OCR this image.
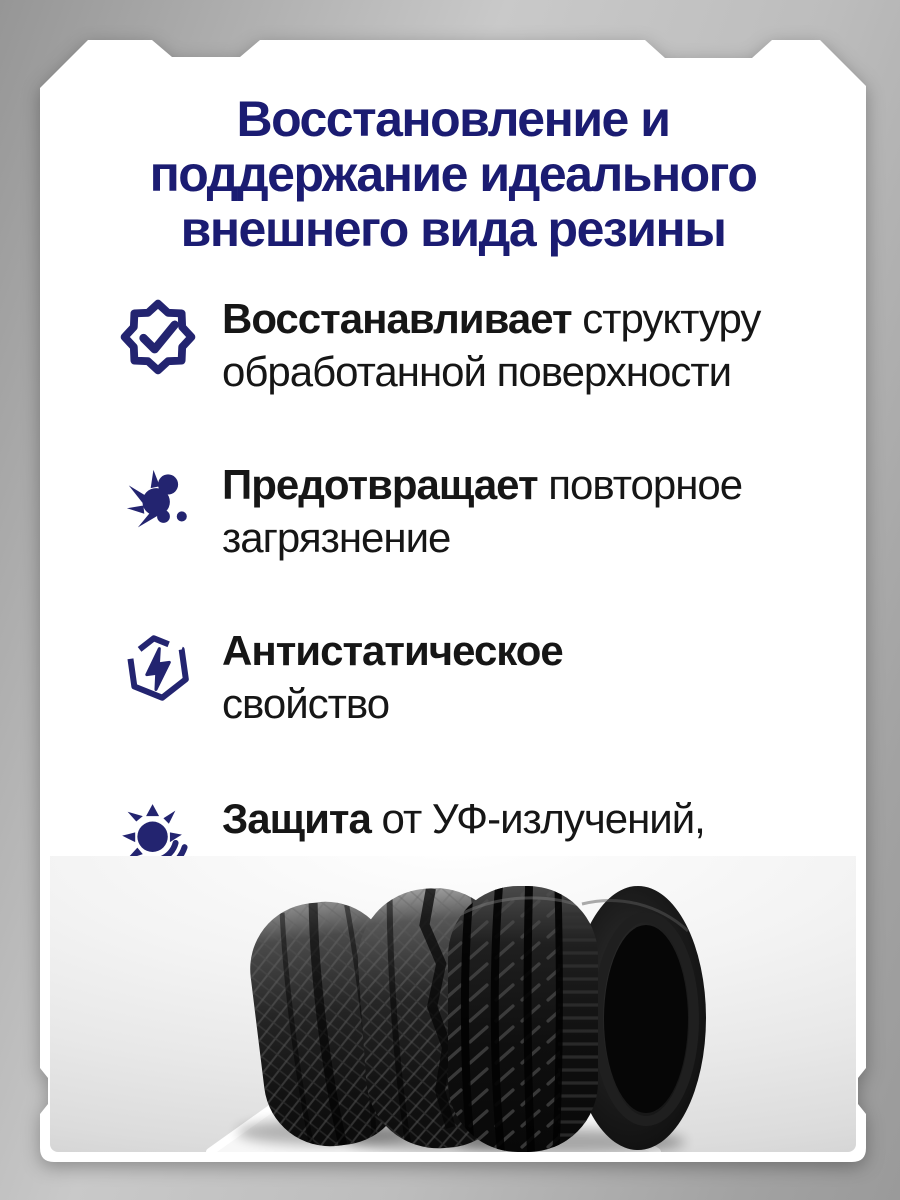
Восстановление и
поддержание идеального
внешнего вида резины
Восстанавливает структуру
обработанной поверхности
Предотвращает повторное
загрязнение
Антистатическое
свойство
Защита от УФ-излучений,
